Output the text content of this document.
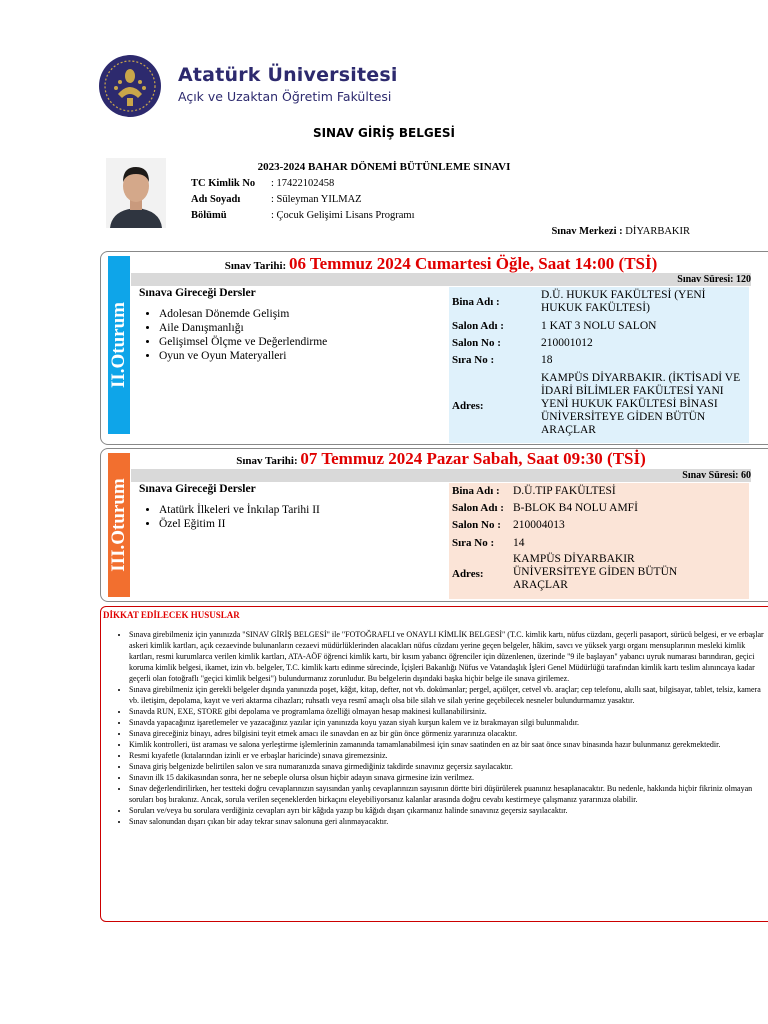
Atatürk Üniversitesi
Açık ve Uzaktan Öğretim Fakültesi
SINAV GİRİŞ BELGESİ
2023-2024 BAHAR DÖNEMİ BÜTÜNLEME SINAVI
TC Kimlik No	: 17422102458
Adı Soyadı	: Süleyman YILMAZ
Bölümü	: Çocuk Gelişimi Lisans Programı
Sınav Merkezi : DİYARBAKIR
II.Oturum
Sınav Tarihi: 06 Temmuz 2024 Cumartesi Öğle, Saat 14:00 (TSİ)
Sınav Süresi: 120
Sınava Gireceği Dersler
• Adolesan Dönemde Gelişim
• Aile Danışmanlığı
• Gelişimsel Ölçme ve Değerlendirme
• Oyun ve Oyun Materyalleri
Bina Adı :
D.Ü. HUKUK FAKÜLTESİ (YENİ HUKUK FAKÜLTESİ)
Salon Adı :	1 KAT 3 NOLU SALON
Salon No :	210001012
Sıra No :	18
Adres:
KAMPÜS DİYARBAKIR. (İKTİSADİ VE İDARİ BİLİMLER FAKÜLTESİ YANI YENİ HUKUK FAKÜLTESİ BİNASI ÜNİVERSİTEYE GİDEN BÜTÜN ARAÇLAR
III.Oturum
Sınav Tarihi: 07 Temmuz 2024 Pazar Sabah, Saat 09:30 (TSİ)
Sınav Süresi: 60
Sınava Gireceği Dersler
• Atatürk İlkeleri ve İnkılap Tarihi II
• Özel Eğitim II
Bina Adı : D.Ü.TIP FAKÜLTESİ
Salon Adı : B-BLOK B4 NOLU AMFİ
Salon No : 210004013
Sıra No : 14
Adres:
KAMPÜS DİYARBAKIR ÜNİVERSİTEYE GİDEN BÜTÜN ARAÇLAR
DİKKAT EDİLECEK HUSUSLAR
• Sınava girebilmeniz için yanınızda "SINAV GİRİŞ BELGESİ" ile "FOTOĞRAFLI ve ONAYLI KİMLİK BELGESİ" (T.C. kimlik kartı, nüfus cüzdanı, geçerli pasaport, sürücü belgesi, er ve erbaşlar askeri kimlik kartları, açık cezaevinde bulunanların cezaevi müdürlüklerinden alacakları nüfus cüzdanı yerine geçen belgeler, hâkim, savcı ve yüksek yargı organı mensuplarının mesleki kimlik kartları, resmi kurumlarca verilen kimlik kartları, ATA-AÖF öğrenci kimlik kartı, bir kısım yabancı öğrenciler için düzenlenen, üzerinde "9 ile başlayan" yabancı uyruk numarası barındıran, geçici koruma kimlik belgesi, ikamet, izin vb. belgeler, T.C. kimlik kartı edinme sürecinde, İçişleri Bakanlığı Nüfus ve Vatandaşlık İşleri Genel Müdürlüğü tarafından kimlik kartı teslim alınıncaya kadar geçerli olan fotoğraflı "geçici kimlik belgesi") bulundurmanız zorunludur. Bu belgelerin dışındaki başka hiçbir belge ile sınava girilemez.
• Sınava girebilmeniz için gerekli belgeler dışında yanınızda poşet, kâğıt, kitap, defter, not vb. dokümanlar; pergel, açıölçer, cetvel vb. araçlar; cep telefonu, akıllı saat, bilgisayar, tablet, telsiz, kamera vb. iletişim, depolama, kayıt ve veri aktarma cihazları; ruhsatlı veya resmî amaçlı olsa bile silah ve silah yerine geçebilecek nesneler bulundurmamız yasaktır.
• Sınavda RUN, EXE, STORE gibi depolama ve programlama özelliği olmayan hesap makinesi kullanabilirsiniz.
• Sınavda yapacağınız işaretlemeler ve yazacağınız yazılar için yanınızda koyu yazan siyah kurşun kalem ve iz bırakmayan silgi bulunmalıdır.
• Sınava gireceğiniz binayı, adres bilgisini teyit etmek amacı ile sınavdan en az bir gün önce görmeniz yararınıza olacaktır.
• Kimlik kontrolleri, üst araması ve salona yerleştirme işlemlerinin zamanında tamamlanabilmesi için sınav saatinden en az bir saat önce sınav binasında hazır bulunmanız gerekmektedir.
• Resmi kıyafetle (kıtalarından izinli er ve erbaşlar haricinde) sınava giremezsiniz.
• Sınava giriş belgenizde belirtilen salon ve sıra numaranızda sınava girmediğiniz takdirde sınavınız geçersiz sayılacaktır.
• Sınavın ilk 15 dakikasından sonra, her ne sebeple olursa olsun hiçbir adayın sınava girmesine izin verilmez.
• Sınav değerlendirilirken, her testteki doğru cevaplarınızın sayısından yanlış cevaplarınızın sayısının dörtte biri düşürülerek puanınız hesaplanacaktır. Bu nedenle, hakkında hiçbir fikriniz olmayan soruları boş bırakınız. Ancak, sorula verilen seçeneklerden birkaçını eleyebiliyorsanız kalanlar arasında doğru cevabı kestirmeye çalışmanız yararınıza olabilir.
• Soruları ve/veya bu sorulara verdiğiniz cevapları ayrı bir kâğıda yazıp bu kâğıdı dışarı çıkarmanız halinde sınavınız geçersiz sayılacaktır.
• Sınav salonundan dışarı çıkan bir aday tekrar sınav salonuna geri alınmayacaktır.
